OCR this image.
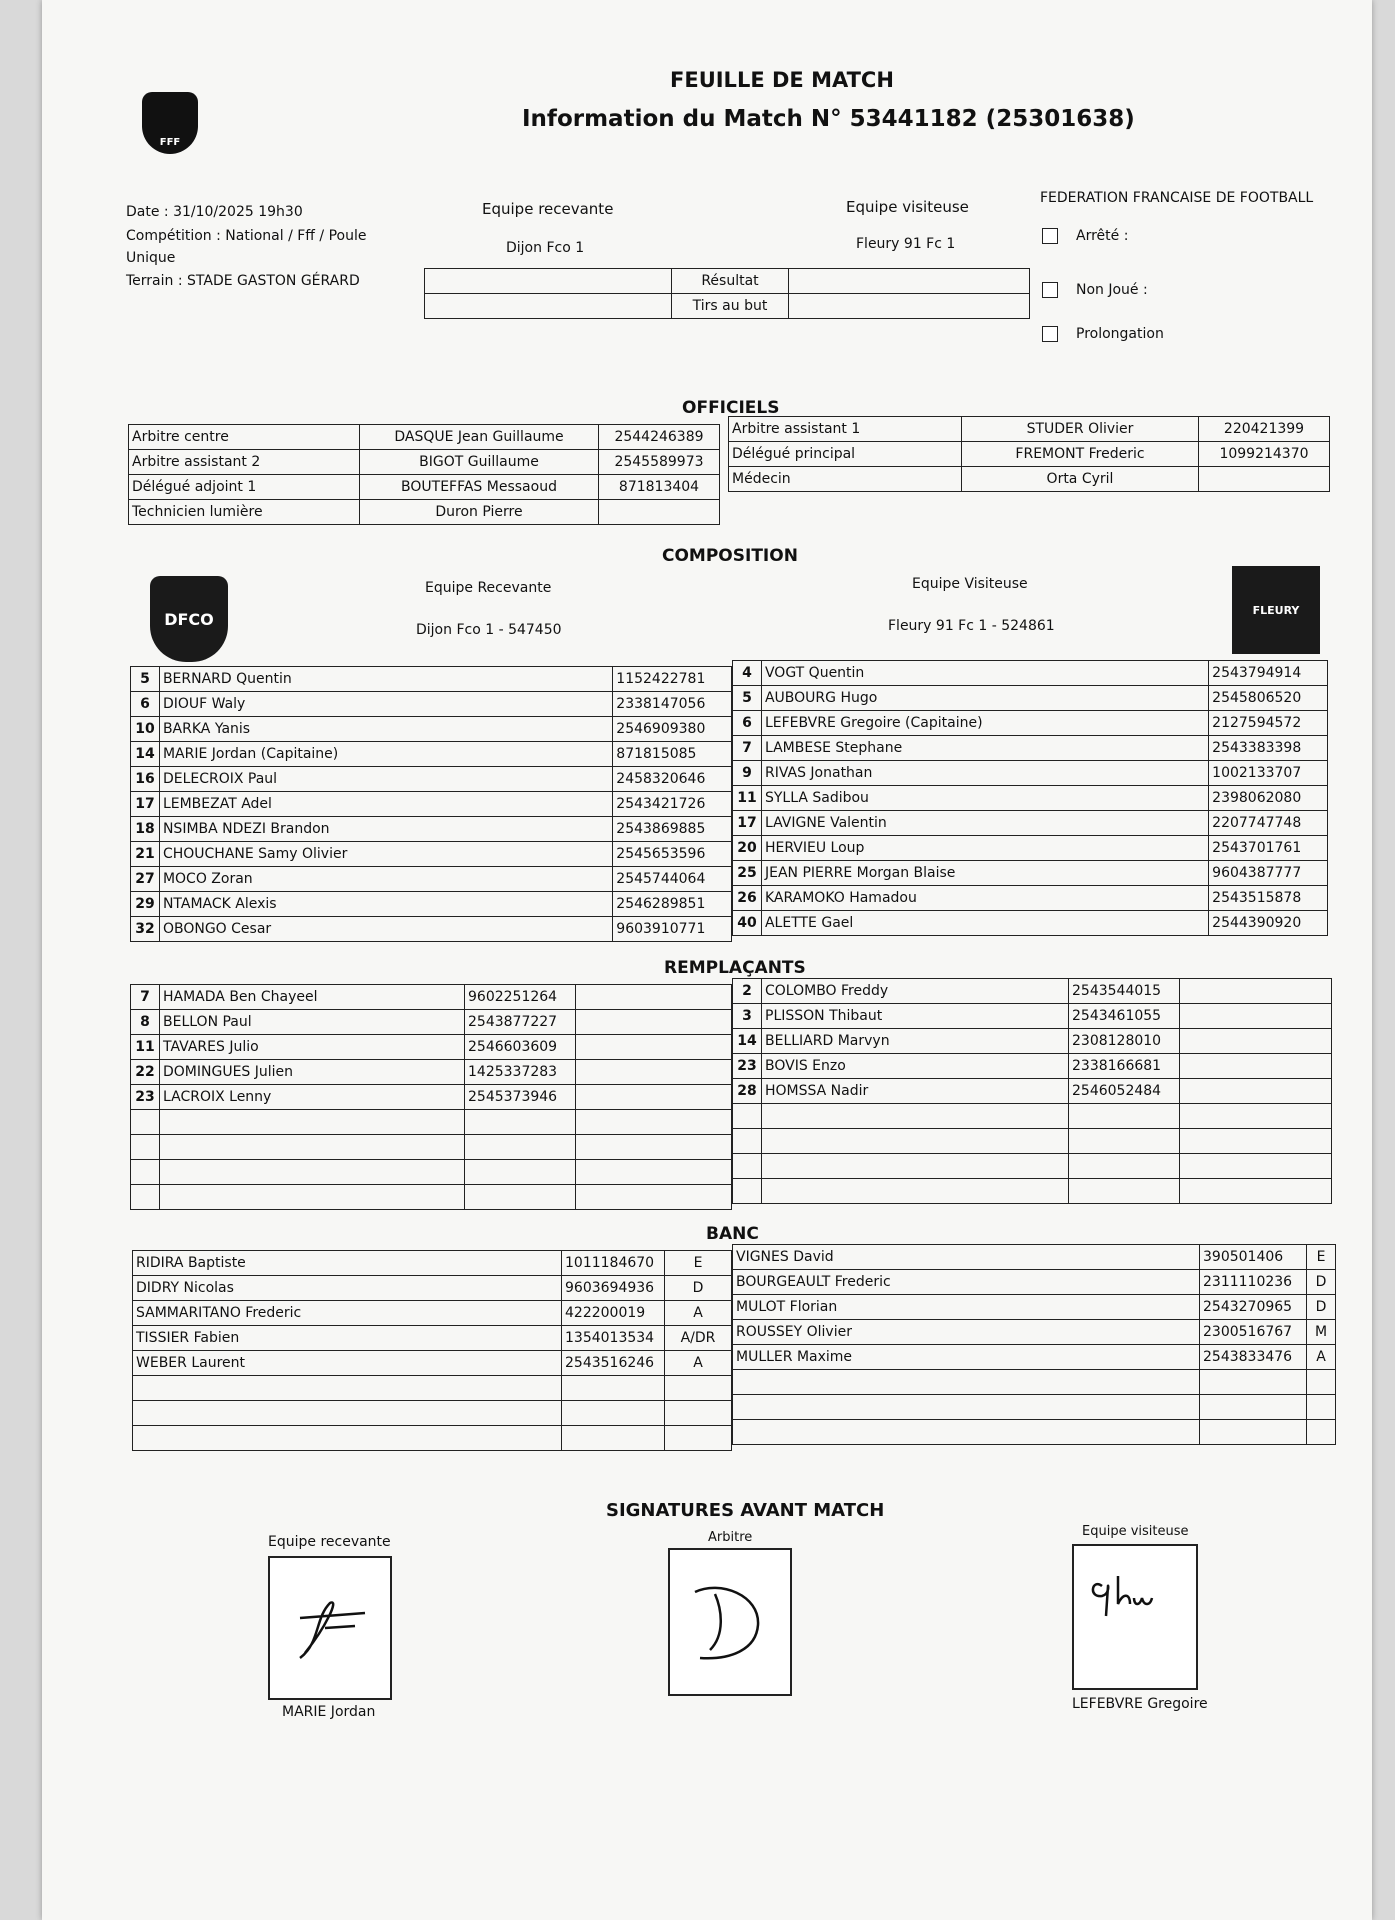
FFF
FEUILLE DE MATCH
Information du Match N° 53441182 (25301638)
Date : 31/10/2025 19h30
Compétition : National / Fff / Poule Unique
Terrain : STADE GASTON GÉRARD
Equipe recevante
Dijon Fco 1
Equipe visiteuse
Fleury 91 Fc 1
	Résultat	
	Tirs au but	
FEDERATION FRANCAISE DE FOOTBALL
Arrêté :
Non Joué :
Prolongation
OFFICIELS
Arbitre centre	DASQUE Jean Guillaume	2544246389
Arbitre assistant 2	BIGOT Guillaume	2545589973
Délégué adjoint 1	BOUTEFFAS Messaoud	871813404
Technicien lumière	Duron Pierre	
Arbitre assistant 1	STUDER Olivier	220421399
Délégué principal	FREMONT Frederic	1099214370
Médecin	Orta Cyril	
COMPOSITION
DFCO	FLEURY
Equipe Recevante
Dijon Fco 1 - 547450
Equipe Visiteuse
Fleury 91 Fc 1 - 524861
5	BERNARD Quentin	1152422781
6	DIOUF Waly	2338147056
10	BARKA Yanis	2546909380
14	MARIE Jordan (Capitaine)	871815085
16	DELECROIX Paul	2458320646
17	LEMBEZAT Adel	2543421726
18	NSIMBA NDEZI Brandon	2543869885
21	CHOUCHANE Samy Olivier	2545653596
27	MOCO Zoran	2545744064
29	NTAMACK Alexis	2546289851
32	OBONGO Cesar	9603910771
4	VOGT Quentin	2543794914
5	AUBOURG Hugo	2545806520
6	LEFEBVRE Gregoire (Capitaine)	2127594572
7	LAMBESE Stephane	2543383398
9	RIVAS Jonathan	1002133707
11	SYLLA Sadibou	2398062080
17	LAVIGNE Valentin	2207747748
20	HERVIEU Loup	2543701761
25	JEAN PIERRE Morgan Blaise	9604387777
26	KARAMOKO Hamadou	2543515878
40	ALETTE Gael	2544390920
REMPLAÇANTS
7	HAMADA Ben Chayeel	9602251264	
8	BELLON Paul	2543877227	
11	TAVARES Julio	2546603609	
22	DOMINGUES Julien	1425337283	
23	LACROIX Lenny	2545373946	

2	COLOMBO Freddy	2543544015	
3	PLISSON Thibaut	2543461055	
14	BELLIARD Marvyn	2308128010	
23	BOVIS Enzo	2338166681	
28	HOMSSA Nadir	2546052484	

BANC
RIDIRA Baptiste	1011184670	E
DIDRY Nicolas	9603694936	D
SAMMARITANO Frederic	422200019	A
TISSIER Fabien	1354013534	A/DR
WEBER Laurent	2543516246	A

VIGNES David	390501406	E
BOURGEAULT Frederic	2311110236	D
MULOT Florian	2543270965	D
ROUSSEY Olivier	2300516767	M
MULLER Maxime	2543833476	A

SIGNATURES AVANT MATCH
Equipe recevante	Arbitre	Equipe visiteuse
MARIE Jordan	LEFEBVRE Gregoire
